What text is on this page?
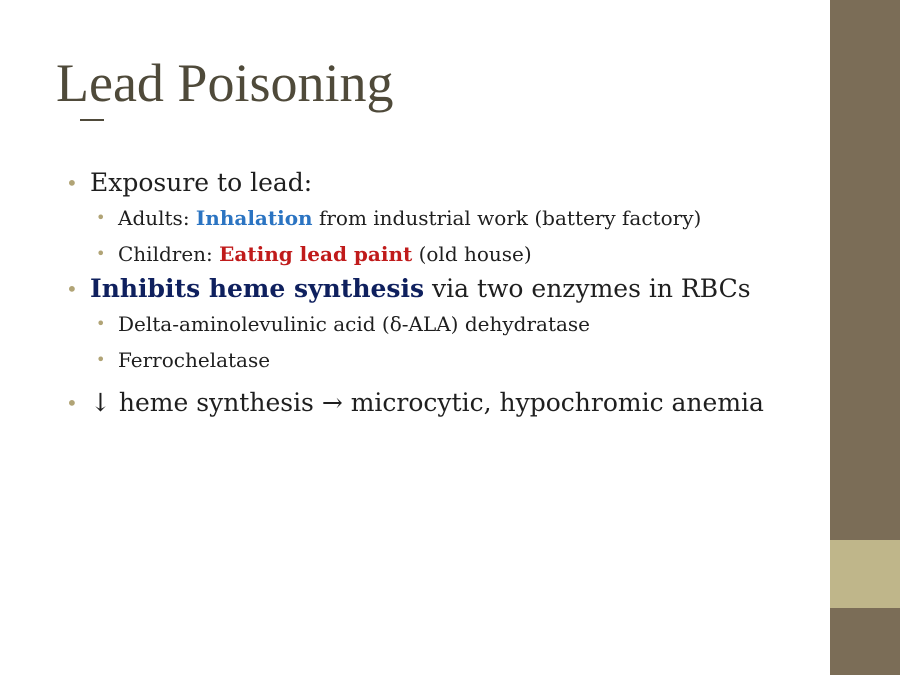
Lead Poisoning
• Exposure to lead:
• Adults: Inhalation from industrial work (battery factory)
• Children: Eating lead paint (old house)
• Inhibits heme synthesis via two enzymes in RBCs
• Delta-aminolevulinic acid (δ-ALA) dehydratase
• Ferrochelatase
• ↓ heme synthesis → microcytic, hypochromic anemia
